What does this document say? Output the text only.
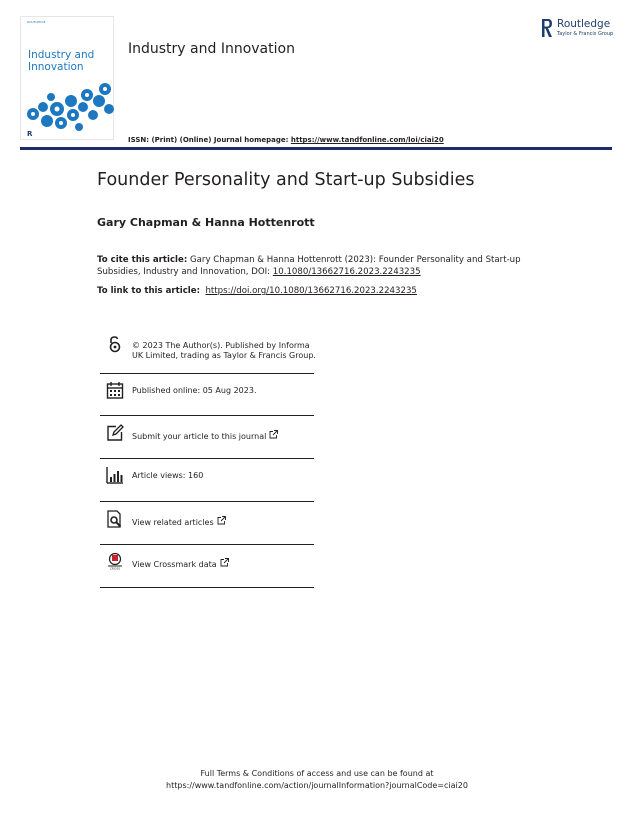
ROUTLEDGE
Industry and
Innovation
R
Industry and Innovation
Routledge
Taylor & Francis Group
ISSN: (Print) (Online) Journal homepage: https://www.tandfonline.com/loi/ciai20
Founder Personality and Start-up Subsidies
Gary Chapman & Hanna Hottenrott
To cite this article: Gary Chapman & Hanna Hottenrott (2023): Founder Personality and Start-up Subsidies, Industry and Innovation, DOI: 10.1080/13662716.2023.2243235
To link to this article: https://doi.org/10.1080/13662716.2023.2243235
© 2023 The Author(s). Published by Informa UK Limited, trading as Taylor & Francis Group.
Published online: 05 Aug 2023.
Submit your article to this journal
Article views: 160
View related articles
CROSS View Crossmark data
Full Terms & Conditions of access and use can be found at
https://www.tandfonline.com/action/journalInformation?journalCode=ciai20
